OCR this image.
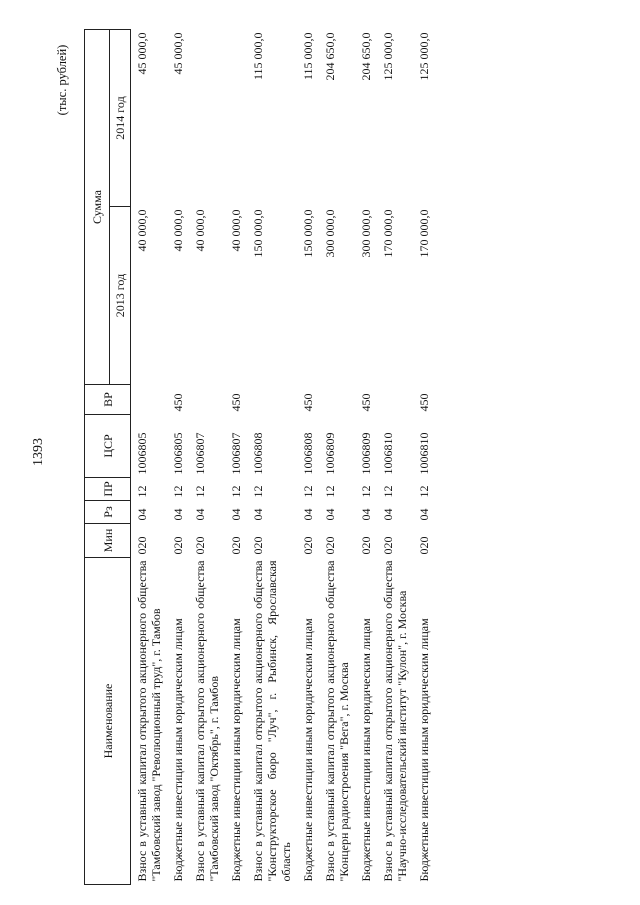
1393
(тыс. рублей)
Наименование	Мин	Рз	ПР	ЦСР	ВР	Сумма	
						2013 год	2014 год
Взнос в уставный капитал открытого акционерного общества "Тамбовский завод "Революционный труд", г. Тамбов	020	04	12	1006805		40 000,0	45 000,0
Бюджетные инвестиции иным юридическим лицам	020	04	12	1006805	450	40 000,0	45 000,0
Взнос в уставный капитал открытого акционерного общества "Тамбовский завод "Октябрь", г. Тамбов	020	04	12	1006807		40 000,0	
Бюджетные инвестиции иным юридическим лицам	020	04	12	1006807	450	40 000,0	
Взнос в уставный капитал открытого акционерного общества "Конструкторское бюро "Луч", г. Рыбинск, Ярославская область	020	04	12	1006808		150 000,0	115 000,0
Бюджетные инвестиции иным юридическим лицам	020	04	12	1006808	450	150 000,0	115 000,0
Взнос в уставный капитал открытого акционерного общества "Концерн радиостроения "Вега", г. Москва	020	04	12	1006809		300 000,0	204 650,0
Бюджетные инвестиции иным юридическим лицам	020	04	12	1006809	450	300 000,0	204 650,0
Взнос в уставный капитал открытого акционерного общества "Научно-исследовательский институт "Кулон", г. Москва	020	04	12	1006810		170 000,0	125 000,0
Бюджетные инвестиции иным юридическим лицам	020	04	12	1006810	450	170 000,0	125 000,0
